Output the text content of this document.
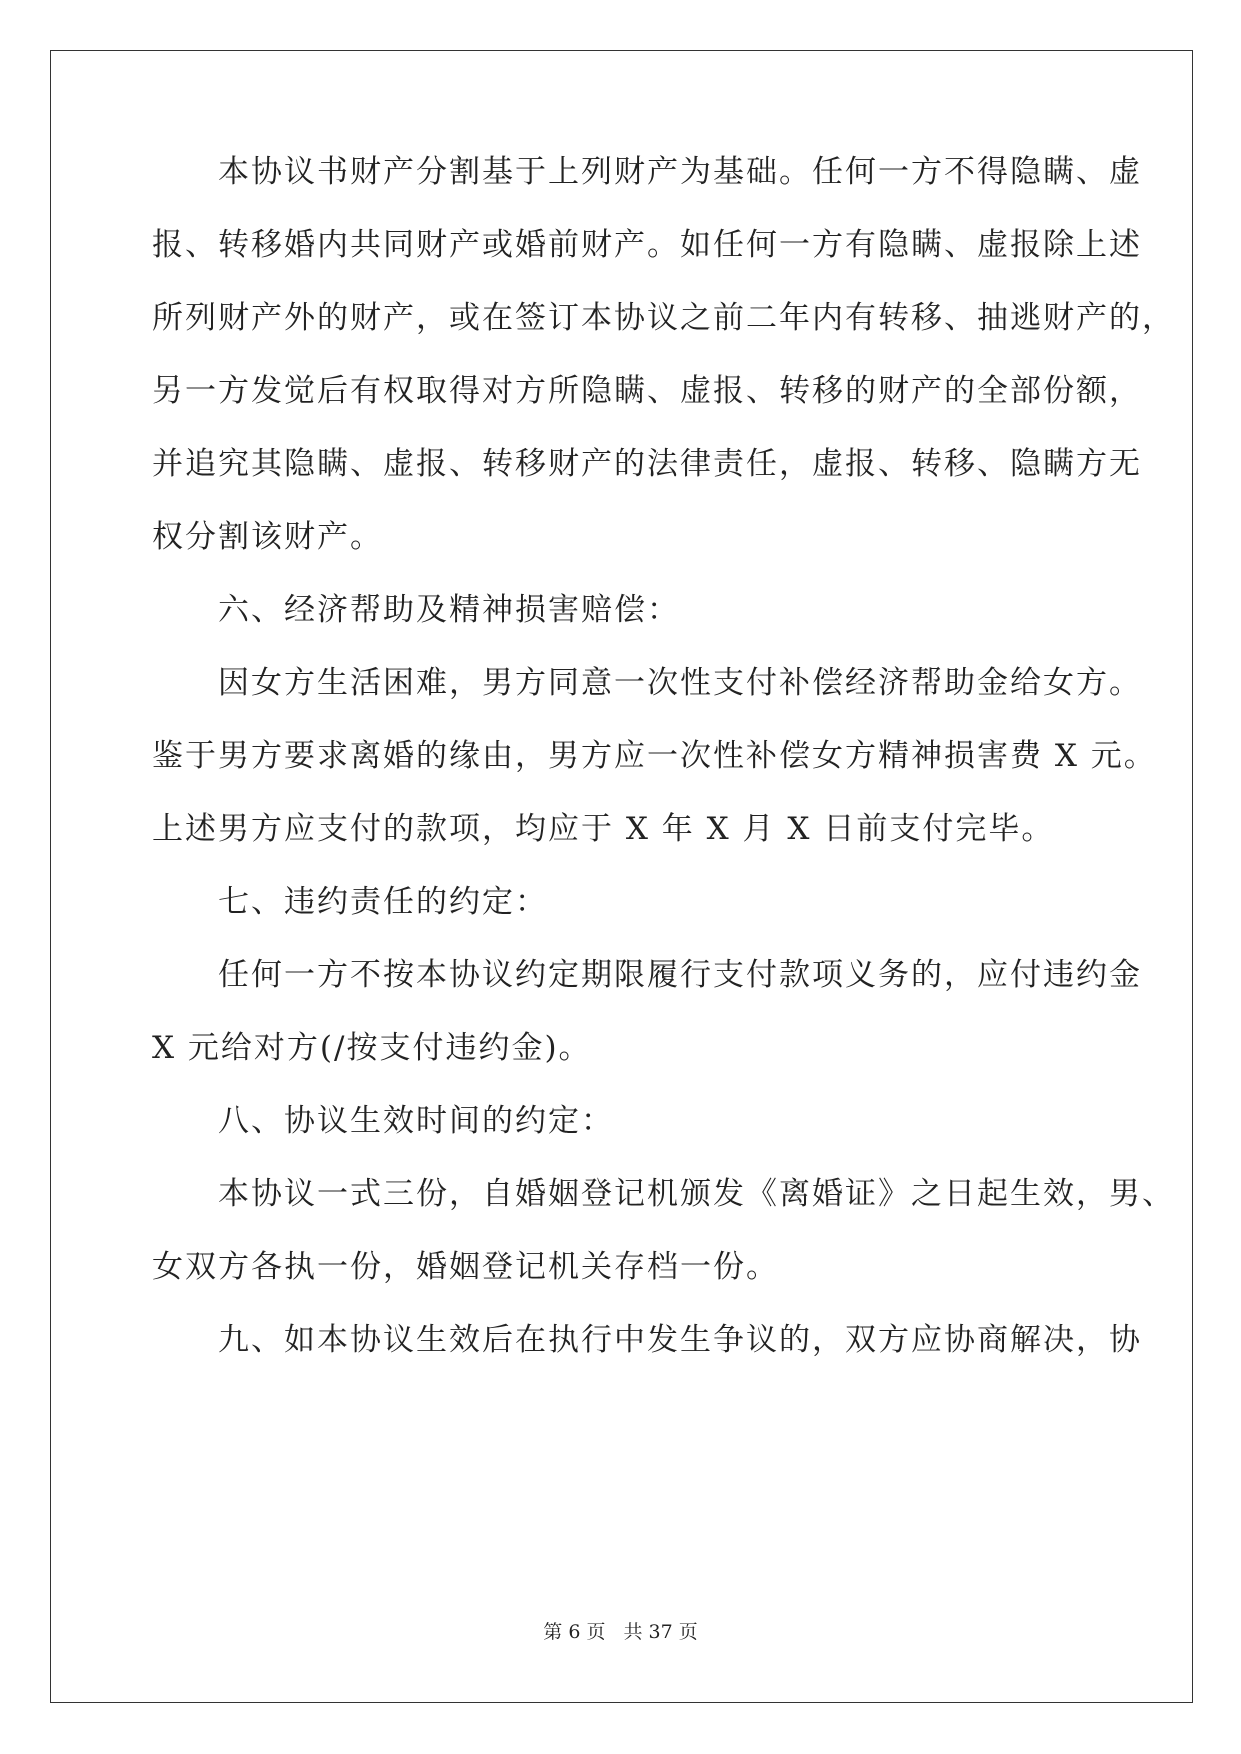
　　本协议书财产分割基于上列财产为基础。任何一方不得隐瞒、虚
报、转移婚内共同财产或婚前财产。如任何一方有隐瞒、虚报除上述
所列财产外的财产，或在签订本协议之前二年内有转移、抽逃财产的，
另一方发觉后有权取得对方所隐瞒、虚报、转移的财产的全部份额，
并追究其隐瞒、虚报、转移财产的法律责任，虚报、转移、隐瞒方无
权分割该财产。
　　六、经济帮助及精神损害赔偿：
　　因女方生活困难，男方同意一次性支付补偿经济帮助金给女方。
鉴于男方要求离婚的缘由，男方应一次性补偿女方精神损害费 X 元。
上述男方应支付的款项，均应于 X 年 X 月 X 日前支付完毕。
　　七、违约责任的约定：
　　任何一方不按本协议约定期限履行支付款项义务的，应付违约金
X 元给对方(/按支付违约金)。
　　八、协议生效时间的约定：
　　本协议一式三份，自婚姻登记机颁发《离婚证》之日起生效，男、
女双方各执一份，婚姻登记机关存档一份。
　　九、如本协议生效后在执行中发生争议的，双方应协商解决，协
第 6 页 共 37 页
